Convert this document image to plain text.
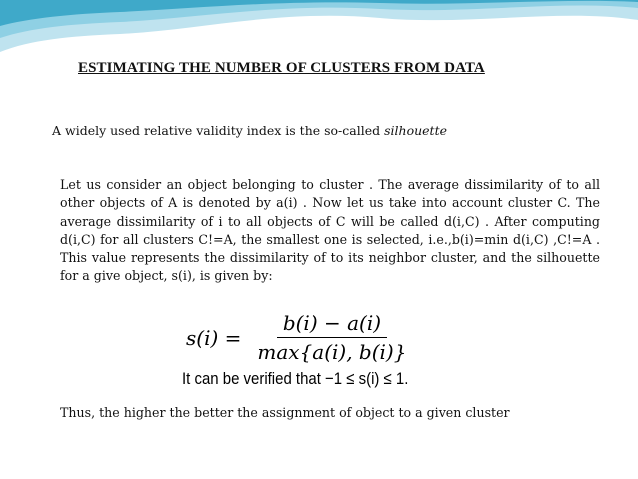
ESTIMATING THE NUMBER OF CLUSTERS FROM DATA
A widely used relative validity index is the so-called silhouette
Let us consider an object belonging to cluster . The average dissimilarity of to all other objects of A is denoted by a(i) . Now let us take into account cluster C. The average dissimilarity of i to all objects of C will be called d(i,C) . After computing d(i,C) for all clusters C!=A, the smallest one is selected, i.e.,b(i)=min d(i,C) ,C!=A . This value represents the dissimilarity of to its neighbor cluster, and the silhouette for a give object, s(i), is given by:
$s(i) = \frac{b(i) - a(i)}{\max\{a(i), b(i)\}}$
It can be verified that −1 ≤ s(i) ≤ 1.
Thus, the higher the better the assignment of object to a given cluster
